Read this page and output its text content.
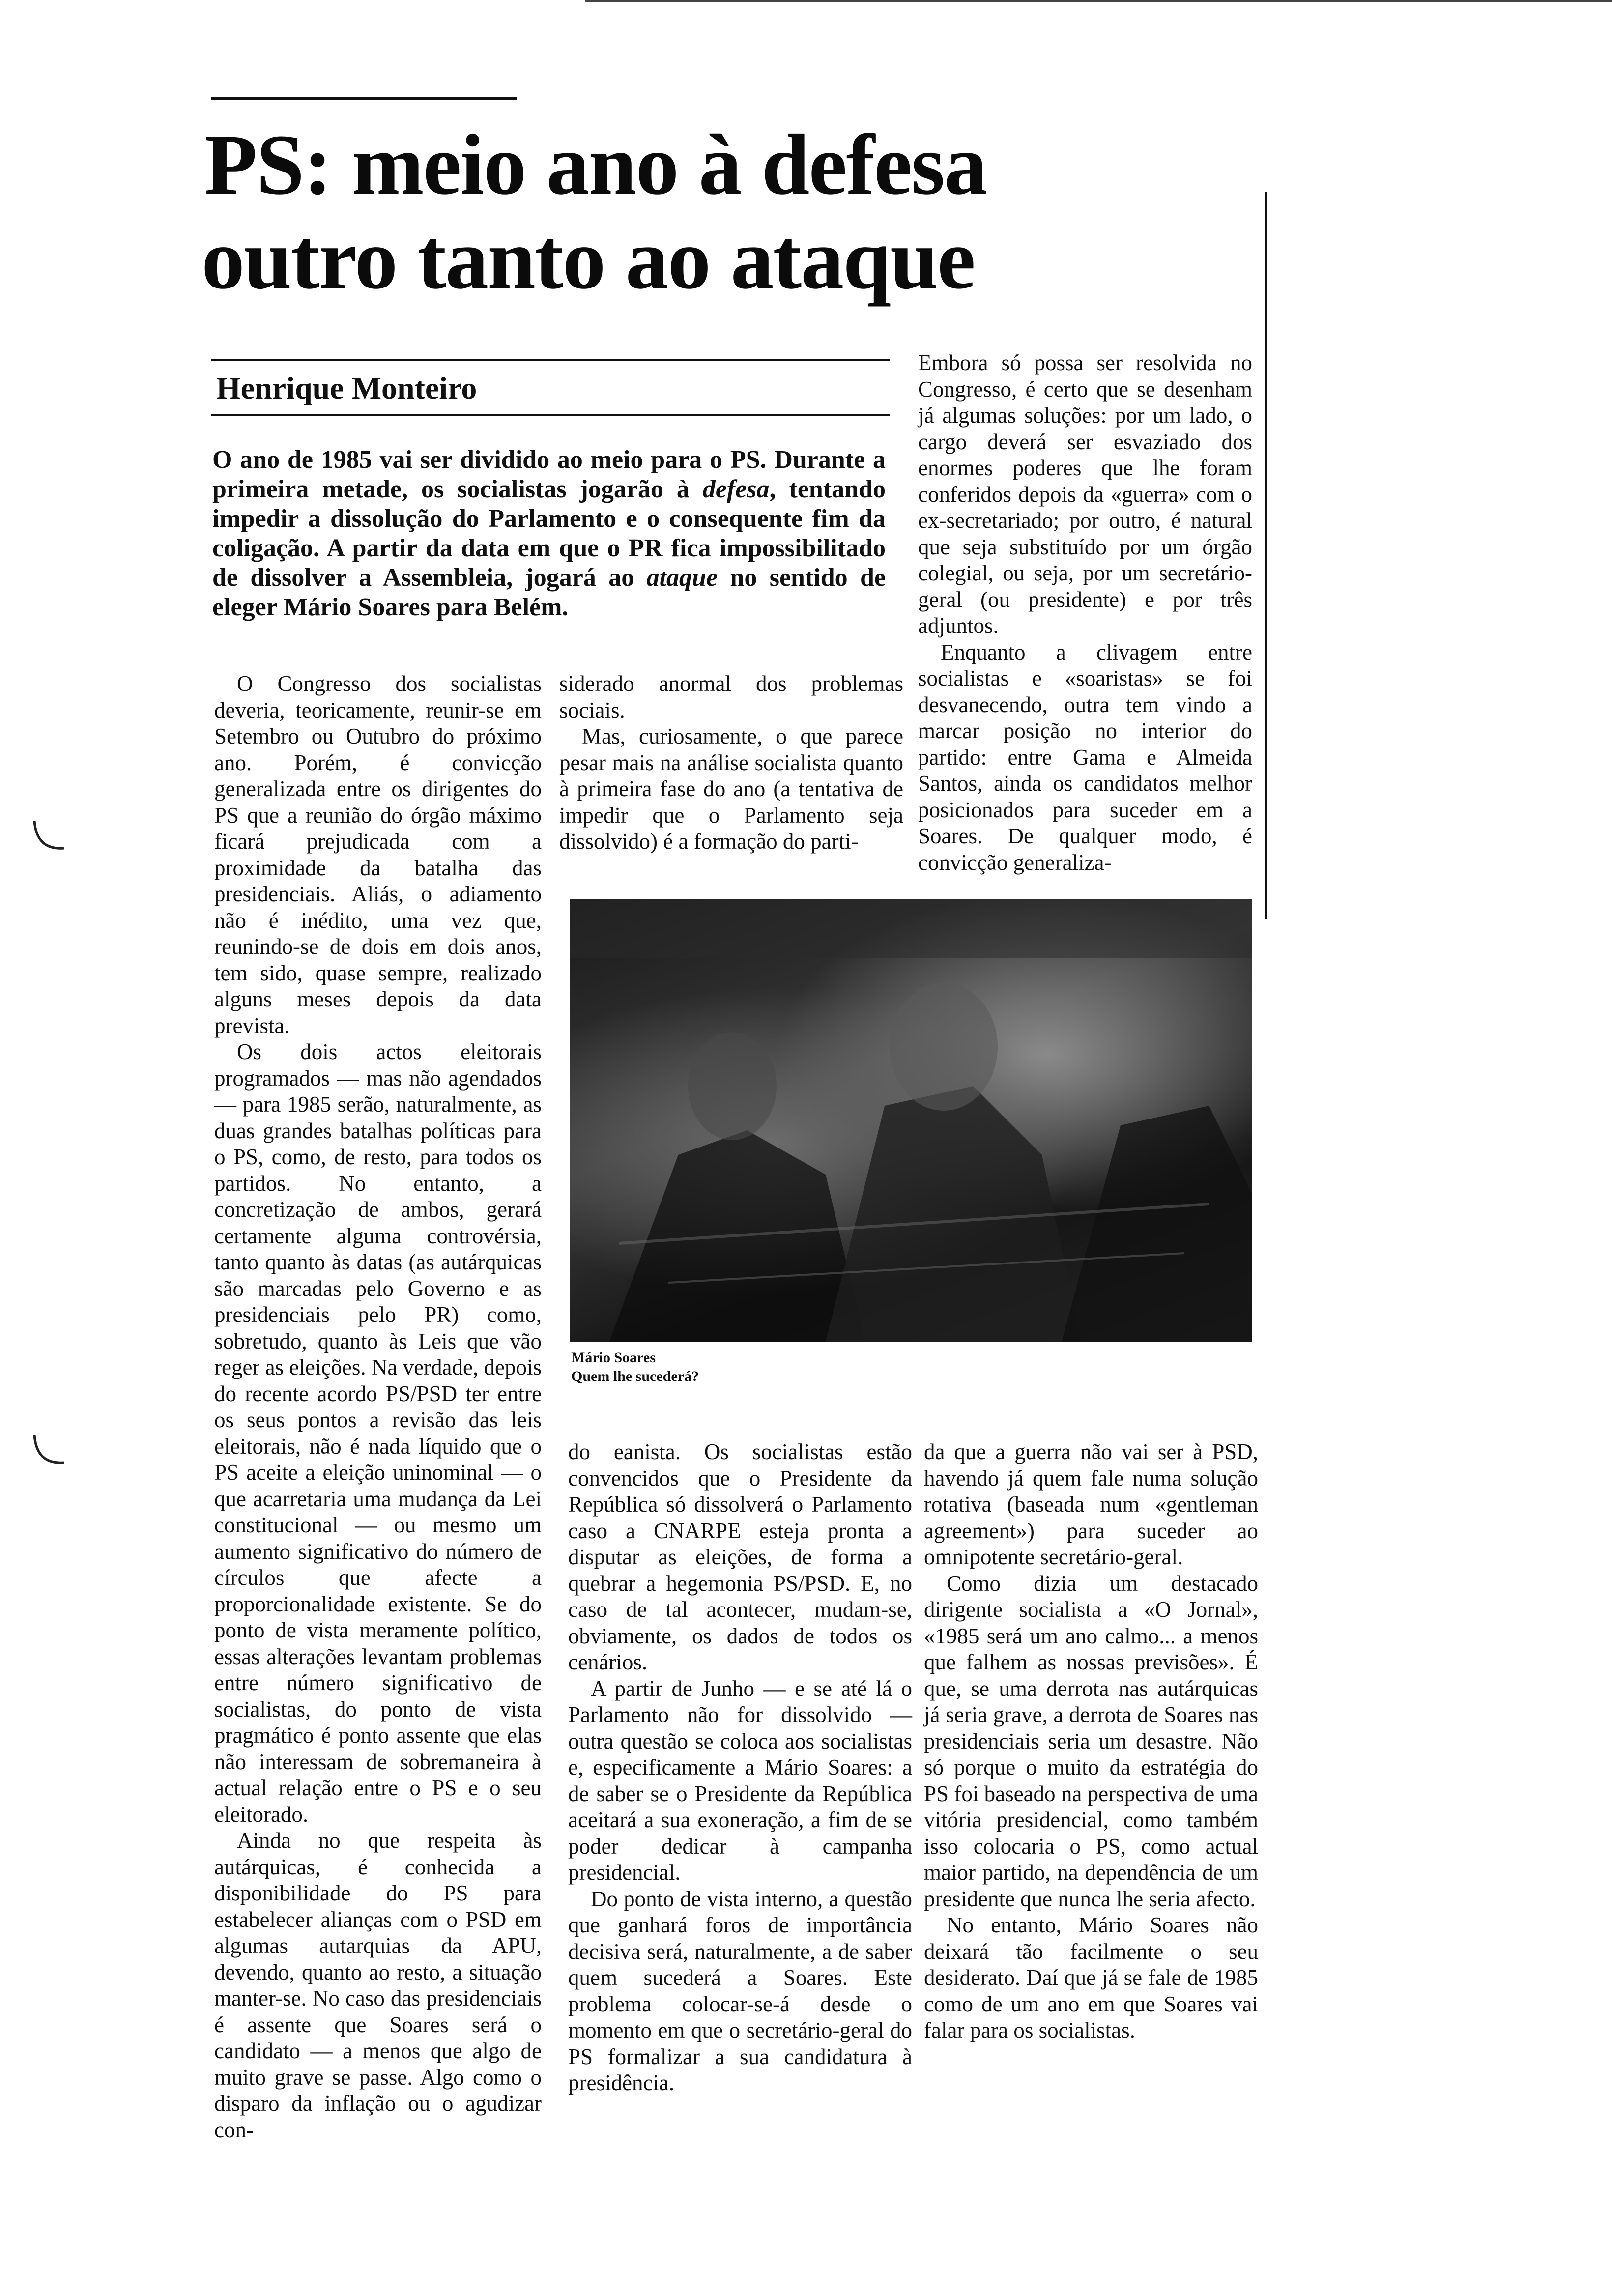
PS: meio ano à defesa
outro tanto ao ataque
Henrique Monteiro

O ano de 1985 vai ser dividido ao meio para o PS. Durante a primeira metade, os socialistas jogarão à defesa, tentando impedir a dissolução do Parlamento e o consequente fim da coligação. A partir da data em que o PR fica impossibilitado de dissolver a Assembleia, jogará ao ataque no sentido de eleger Mário Soares para Belém.

O Congresso dos socialistas deveria, teoricamente, reunir-se em Setembro ou Outubro do próximo ano. Porém, é convicção generalizada entre os dirigentes do PS que a reunião do órgão máximo ficará prejudicada com a proximidade da batalha das presidenciais. Aliás, o adiamento não é inédito, uma vez que, reunindo-se de dois em dois anos, tem sido, quase sempre, realizado alguns meses depois da data prevista.

Os dois actos eleitorais programados — mas não agendados — para 1985 serão, naturalmente, as duas grandes batalhas políticas para o PS, como, de resto, para todos os partidos. No entanto, a concretização de ambos, gerará certamente alguma controvérsia, tanto quanto às datas (as autárquicas são marcadas pelo Governo e as presidenciais pelo PR) como, sobretudo, quanto às Leis que vão reger as eleições. Na verdade, depois do recente acordo PS/PSD ter entre os seus pontos a revisão das leis eleitorais, não é nada líquido que o PS aceite a eleição uninominal — o que acarretaria uma mudança da Lei constitucional — ou mesmo um aumento significativo do número de círculos que afecte a proporcionalidade existente. Se do ponto de vista meramente político, essas alterações levantam problemas entre número significativo de socialistas, do ponto de vista pragmático é ponto assente que elas não interessam de sobremaneira à actual relação entre o PS e o seu eleitorado.

Ainda no que respeita às autárquicas, é conhecida a disponibilidade do PS para estabelecer alianças com o PSD em algumas autarquias da APU, devendo, quanto ao resto, a situação manter-se. No caso das presidenciais é assente que Soares será o candidato — a menos que algo de muito grave se passe. Algo como o disparo da inflação ou o agudizar con-

siderado anormal dos problemas sociais.

Mas, curiosamente, o que parece pesar mais na análise socialista quanto à primeira fase do ano (a tentativa de impedir que o Parlamento seja dissolvido) é a formação do parti-

Embora só possa ser resolvida no Congresso, é certo que se desenham já algumas soluções: por um lado, o cargo deverá ser esvaziado dos enormes poderes que lhe foram conferidos depois da «guerra» com o ex-secretariado; por outro, é natural que seja substituído por um órgão colegial, ou seja, por um secretário-geral (ou presidente) e por três adjuntos.

Enquanto a clivagem entre socialistas e «soaristas» se foi desvanecendo, outra tem vindo a marcar posição no interior do partido: entre Gama e Almeida Santos, ainda os candidatos melhor posicionados para suceder em a Soares. De qualquer modo, é convicção generaliza-

Mário Soares
Quem lhe sucederá?

do eanista. Os socialistas estão convencidos que o Presidente da República só dissolverá o Parlamento caso a CNARPE esteja pronta a disputar as eleições, de forma a quebrar a hegemonia PS/PSD. E, no caso de tal acontecer, mudam-se, obviamente, os dados de todos os cenários.

A partir de Junho — e se até lá o Parlamento não for dissolvido — outra questão se coloca aos socialistas e, especificamente a Mário Soares: a de saber se o Presidente da República aceitará a sua exoneração, a fim de se poder dedicar à campanha presidencial.

Do ponto de vista interno, a questão que ganhará foros de importância decisiva será, naturalmente, a de saber quem sucederá a Soares. Este problema colocar-se-á desde o momento em que o secretário-geral do PS formalizar a sua candidatura à presidência.

da que a guerra não vai ser à PSD, havendo já quem fale numa solução rotativa (baseada num «gentleman agreement») para suceder ao omnipotente secretário-geral.

Como dizia um destacado dirigente socialista a «O Jornal», «1985 será um ano calmo... a menos que falhem as nossas previsões». É que, se uma derrota nas autárquicas já seria grave, a derrota de Soares nas presidenciais seria um desastre. Não só porque o muito da estratégia do PS foi baseado na perspectiva de uma vitória presidencial, como também isso colocaria o PS, como actual maior partido, na dependência de um presidente que nunca lhe seria afecto.

No entanto, Mário Soares não deixará tão facilmente o seu desiderato. Daí que já se fale de 1985 como de um ano em que Soares vai falar para os socialistas.
